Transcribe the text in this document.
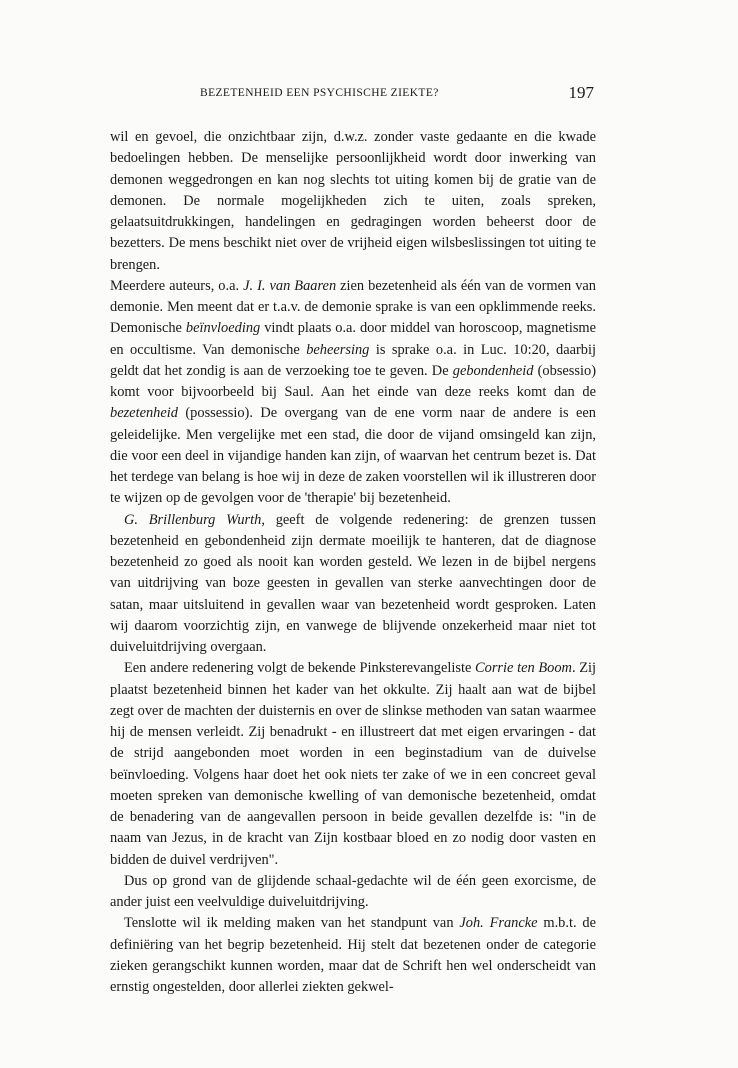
BEZETENHEID EEN PSYCHISCHE ZIEKTE?	197

wil en gevoel, die onzichtbaar zijn, d.w.z. zonder vaste gedaante en die kwade bedoelingen hebben. De menselijke persoonlijkheid wordt door inwerking van demonen weggedrongen en kan nog slechts tot uiting komen bij de gratie van de demonen. De normale mogelijkheden zich te uiten, zoals spreken, gelaatsuitdrukkingen, handelingen en gedragingen worden beheerst door de bezetters. De mens beschikt niet over de vrijheid eigen wilsbeslissingen tot uiting te brengen.

Meerdere auteurs, o.a. J. I. van Baaren zien bezetenheid als één van de vormen van demonie. Men meent dat er t.a.v. de demonie sprake is van een opklimmende reeks. Demonische beïnvloeding vindt plaats o.a. door middel van horoscoop, magnetisme en occultisme. Van demonische beheersing is sprake o.a. in Luc. 10:20, daarbij geldt dat het zondig is aan de verzoeking toe te geven. De gebondenheid (obsessio) komt voor bijvoorbeeld bij Saul. Aan het einde van deze reeks komt dan de bezetenheid (possessio). De overgang van de ene vorm naar de andere is een geleidelijke. Men vergelijke met een stad, die door de vijand omsingeld kan zijn, die voor een deel in vijandige handen kan zijn, of waarvan het centrum bezet is. Dat het terdege van belang is hoe wij in deze de zaken voorstellen wil ik illustreren door te wijzen op de gevolgen voor de 'therapie' bij bezetenheid.

G. Brillenburg Wurth, geeft de volgende redenering: de grenzen tussen bezetenheid en gebondenheid zijn dermate moeilijk te hanteren, dat de diagnose bezetenheid zo goed als nooit kan worden gesteld. We lezen in de bijbel nergens van uitdrijving van boze geesten in gevallen van sterke aanvechtingen door de satan, maar uitsluitend in gevallen waar van bezetenheid wordt gesproken. Laten wij daarom voorzichtig zijn, en vanwege de blijvende onzekerheid maar niet tot duiveluitdrijving overgaan.

Een andere redenering volgt de bekende Pinksterevangeliste Corrie ten Boom. Zij plaatst bezetenheid binnen het kader van het okkulte. Zij haalt aan wat de bijbel zegt over de machten der duisternis en over de slinkse methoden van satan waarmee hij de mensen verleidt. Zij benadrukt - en illustreert dat met eigen ervaringen - dat de strijd aangebonden moet worden in een beginstadium van de duivelse beïnvloeding. Volgens haar doet het ook niets ter zake of we in een concreet geval moeten spreken van demonische kwelling of van demonische bezetenheid, omdat de benadering van de aangevallen persoon in beide gevallen dezelfde is: "in de naam van Jezus, in de kracht van Zijn kostbaar bloed en zo nodig door vasten en bidden de duivel verdrijven".

Dus op grond van de glijdende schaal-gedachte wil de één geen exorcisme, de ander juist een veelvuldige duiveluitdrijving.

Tenslotte wil ik melding maken van het standpunt van Joh. Francke m.b.t. de definiëring van het begrip bezetenheid. Hij stelt dat bezetenen onder de categorie zieken gerangschikt kunnen worden, maar dat de Schrift hen wel onderscheidt van ernstig ongestelden, door allerlei ziekten gekwel-
